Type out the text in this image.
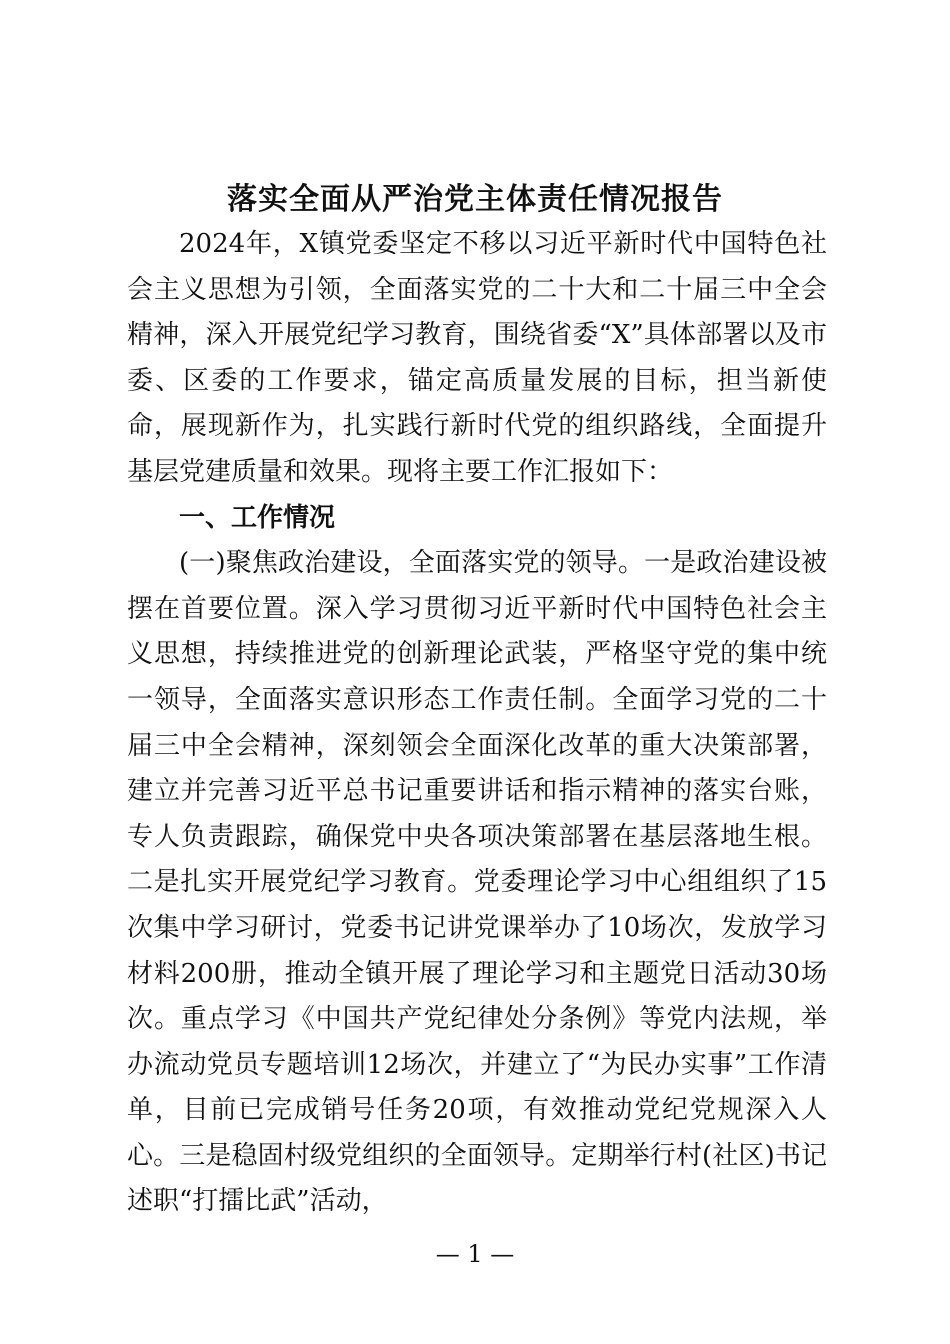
落实全面从严治党主体责任情况报告

2024年，X镇党委坚定不移以习近平新时代中国特色社会主义思想为引领，全面落实党的二十大和二十届三中全会精神，深入开展党纪学习教育，围绕省委“X”具体部署以及市委、区委的工作要求，锚定高质量发展的目标，担当新使命，展现新作为，扎实践行新时代党的组织路线，全面提升基层党建质量和效果。现将主要工作汇报如下：

一、工作情况

(一)聚焦政治建设，全面落实党的领导。一是政治建设被摆在首要位置。深入学习贯彻习近平新时代中国特色社会主义思想，持续推进党的创新理论武装，严格坚守党的集中统一领导，全面落实意识形态工作责任制。全面学习党的二十届三中全会精神，深刻领会全面深化改革的重大决策部署，建立并完善习近平总书记重要讲话和指示精神的落实台账，专人负责跟踪，确保党中央各项决策部署在基层落地生根。二是扎实开展党纪学习教育。党委理论学习中心组组织了15次集中学习研讨，党委书记讲党课举办了10场次，发放学习材料200册，推动全镇开展了理论学习和主题党日活动30场次。重点学习《中国共产党纪律处分条例》等党内法规，举办流动党员专题培训12场次，并建立了“为民办实事”工作清单，目前已完成销号任务20项，有效推动党纪党规深入人心。三是稳固村级党组织的全面领导。定期举行村(社区)书记述职“打擂比武”活动，

— 1 —
